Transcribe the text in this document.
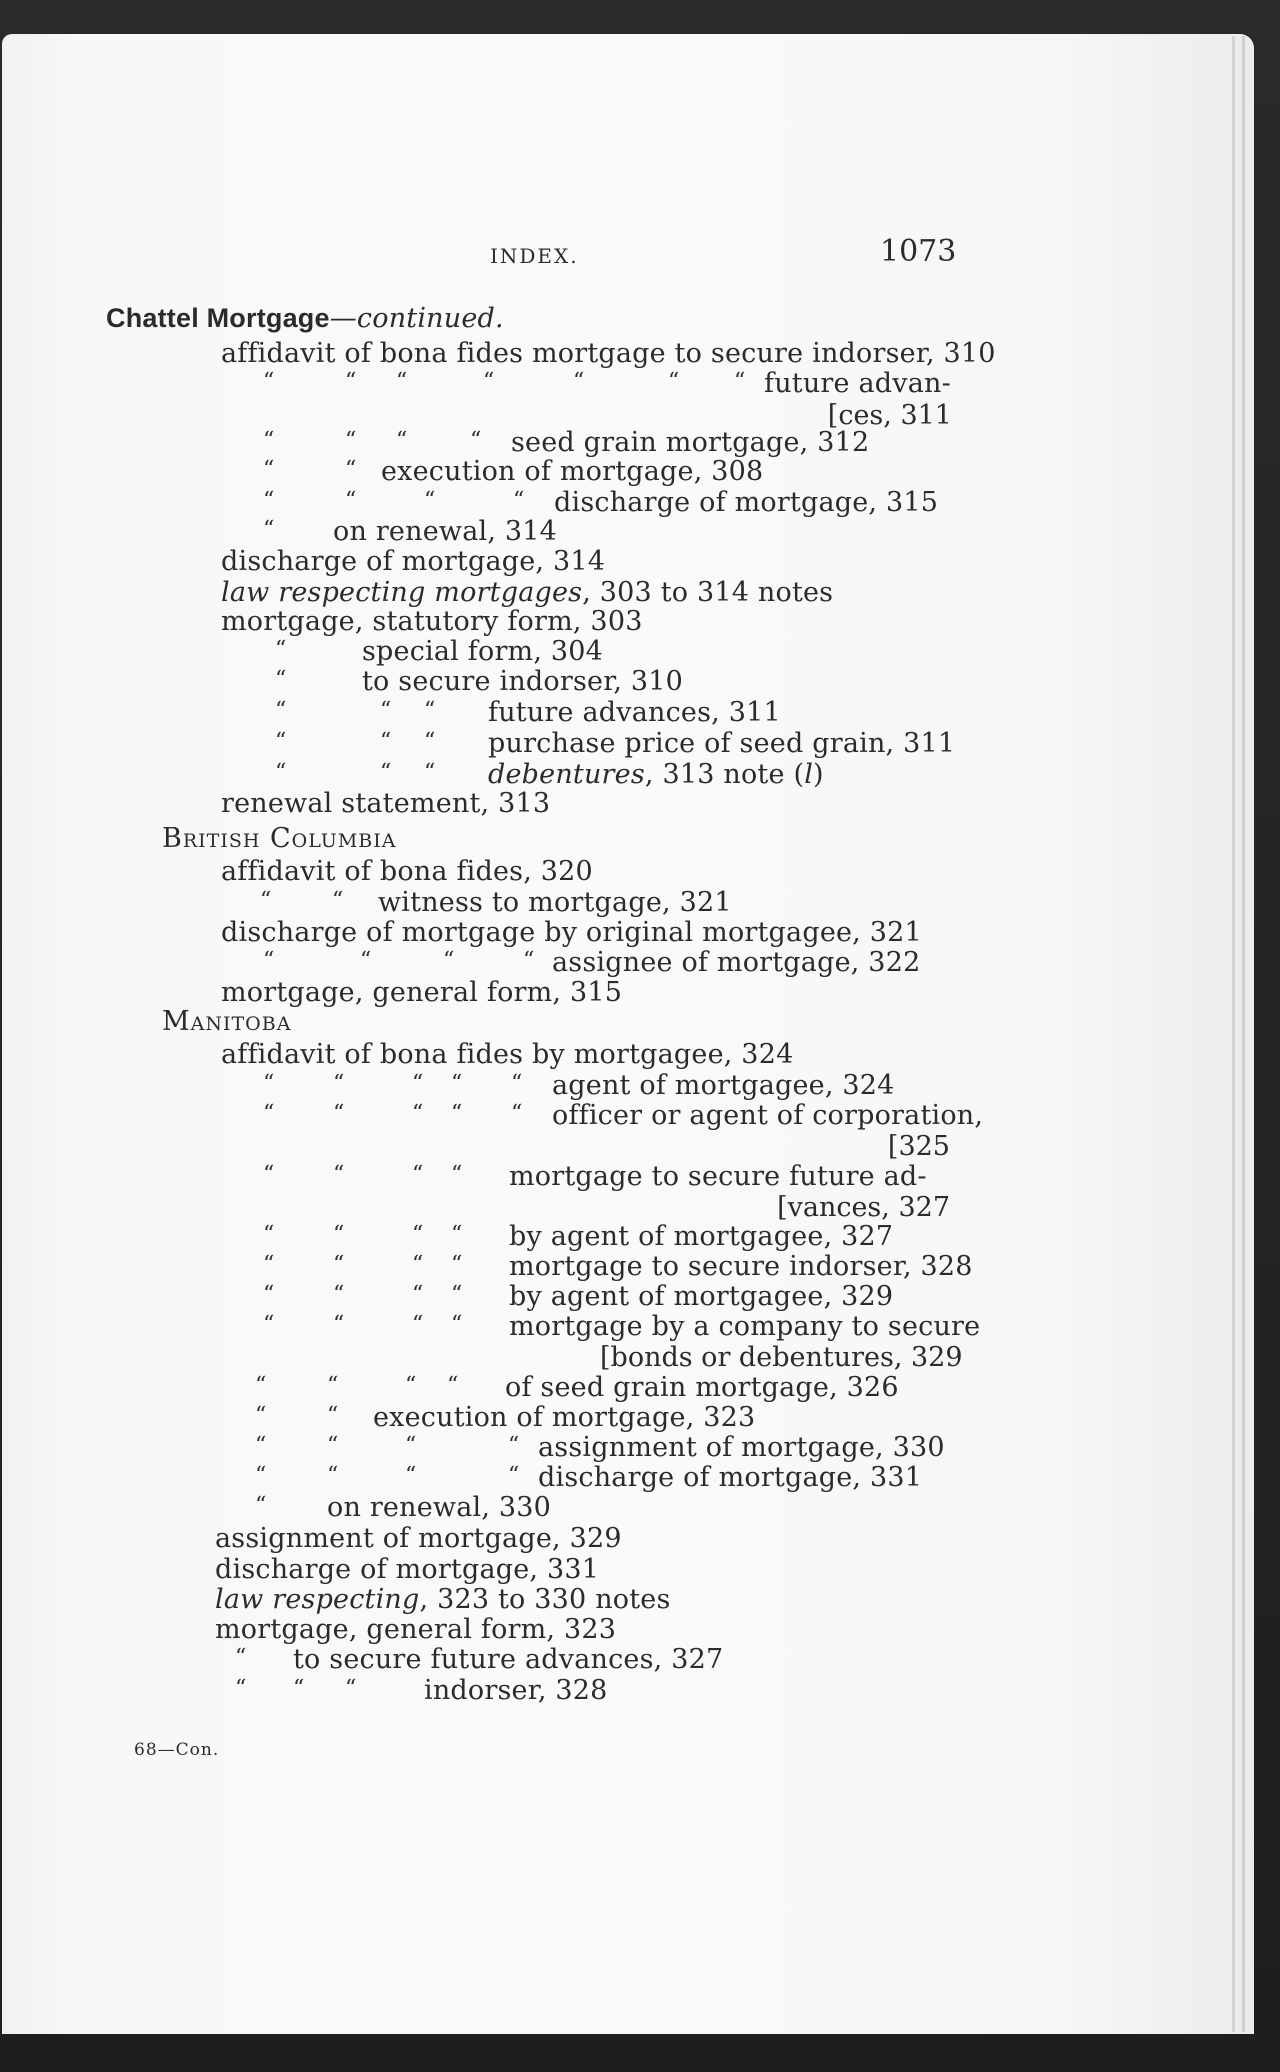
INDEX.	1073
Chattel Mortgage—continued.
affidavit of bona fides mortgage to secure indorser, 310
“	“ “	“	“	“ “ future advan-
[ces, 311
“	“ “	“ seed grain mortgage, 312
“	“ execution of mortgage, 308
“	“	“	“ discharge of mortgage, 315
“ on renewal, 314
discharge of mortgage, 314
law respecting mortgages, 303 to 314 notes
mortgage, statutory form, 303
“	special form, 304
“	to secure indorser, 310
“	“ “ future advances, 311
“	“ “ purchase price of seed grain, 311
“	“ “ debentures, 313 note (l)
renewal statement, 313
British Columbia
affidavit of bona fides, 320
“	“ witness to mortgage, 321
discharge of mortgage by original mortgagee, 321
“	“	“	“ assignee of mortgage, 322
mortgage, general form, 315
Manitoba
affidavit of bona fides by mortgagee, 324
“	“	“ “ “ agent of mortgagee, 324
“	“	“ “ “ officer or agent of corporation,
[325
“	“	“ “ mortgage to secure future ad-
[vances, 327
“	“	“ “ by agent of mortgagee, 327
“	“	“ “ mortgage to secure indorser, 328
“	“	“ “ by agent of mortgagee, 329
“	“	“ “ mortgage by a company to secure
[bonds or debentures, 329
“	“	“ “ of seed grain mortgage, 326
“	“ execution of mortgage, 323
“	“	“	“ assignment of mortgage, 330
“	“	“	“ discharge of mortgage, 331
“ on renewal, 330
assignment of mortgage, 329
discharge of mortgage, 331
law respecting, 323 to 330 notes
mortgage, general form, 323
“ to secure future advances, 327
“ “ “	indorser, 328
68—Con.
